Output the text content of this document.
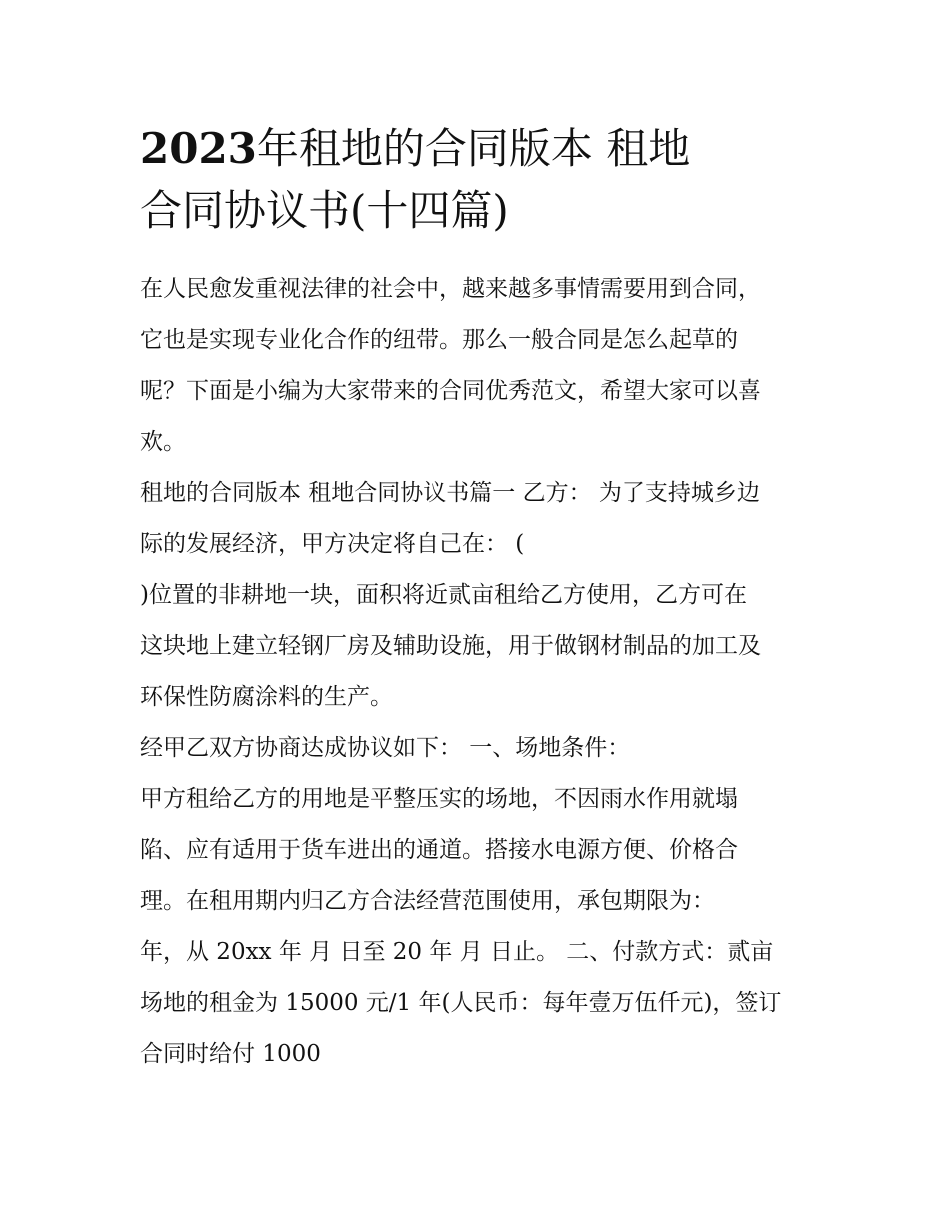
2023年租地的合同版本 租地
合同协议书(十四篇)

在人民愈发重视法律的社会中，越来越多事情需要用到合同，

它也是实现专业化合作的纽带。那么一般合同是怎么起草的

呢？下面是小编为大家带来的合同优秀范文，希望大家可以喜

欢。

租地的合同版本 租地合同协议书篇一 乙方： 为了支持城乡边

际的发展经济，甲方决定将自己在： (

)位置的非耕地一块，面积将近贰亩租给乙方使用，乙方可在

这块地上建立轻钢厂房及辅助设施，用于做钢材制品的加工及

环保性防腐涂料的生产。

经甲乙双方协商达成协议如下： 一、场地条件：

甲方租给乙方的用地是平整压实的场地，不因雨水作用就塌

陷、应有适用于货车进出的通道。搭接水电源方便、价格合

理。在租用期内归乙方合法经营范围使用，承包期限为：

年，从 20xx 年 月 日至 20 年 月 日止。 二、付款方式：贰亩

场地的租金为 15000 元/1 年(人民币：每年壹万伍仟元)，签订

合同时给付 1000
